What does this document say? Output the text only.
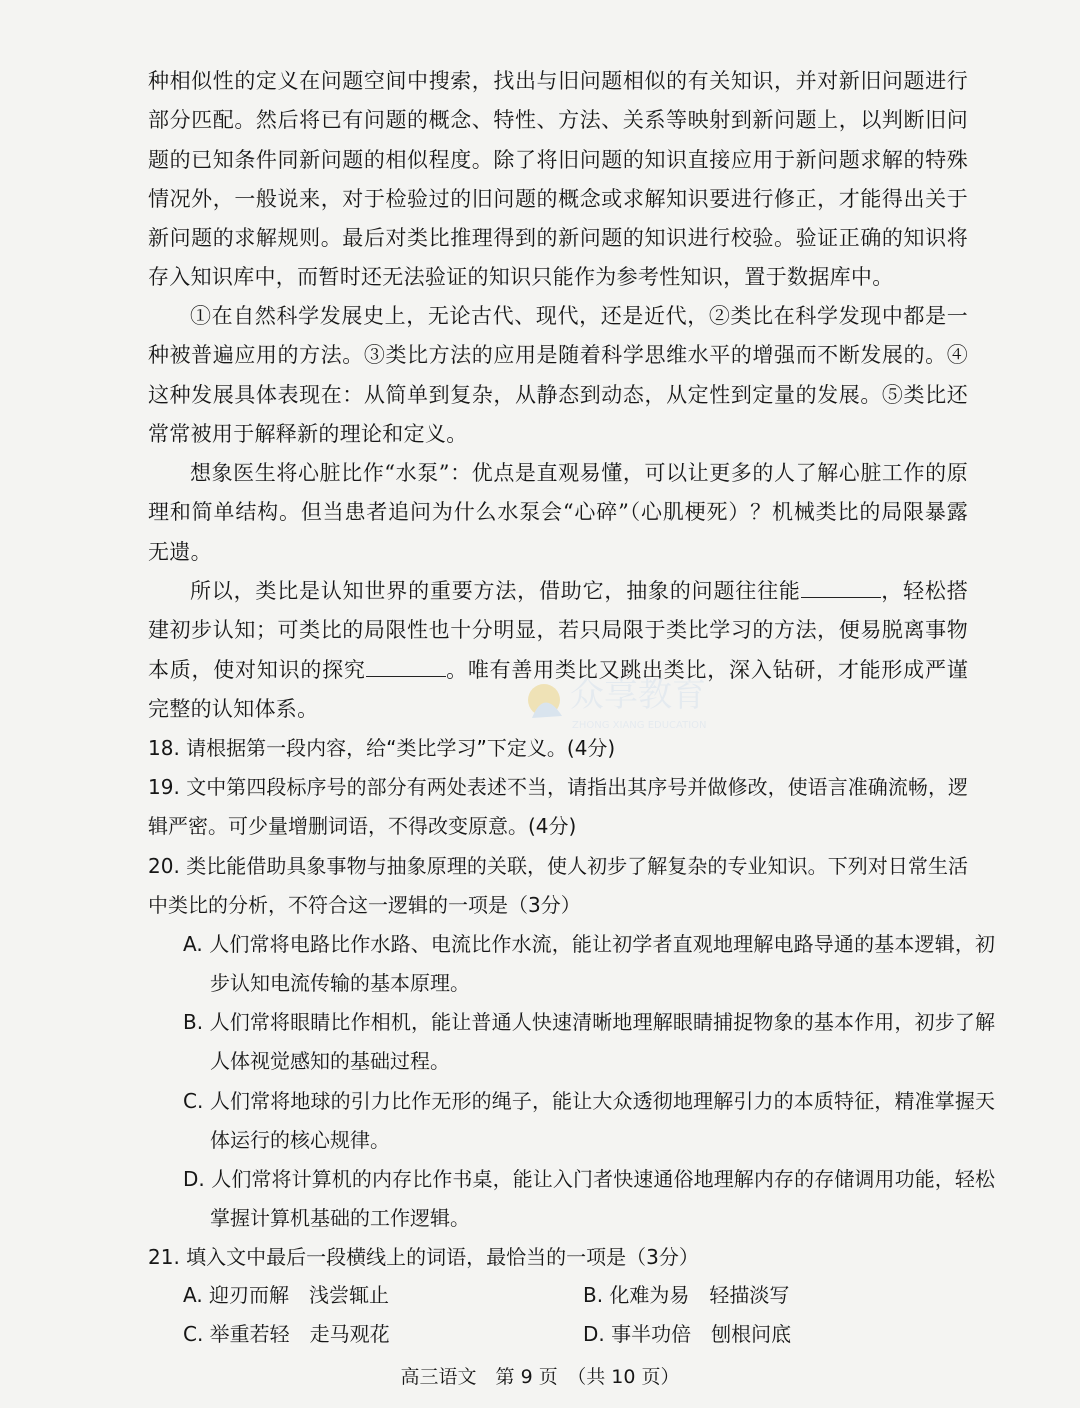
种相似性的定义在问题空间中搜索，找出与旧问题相似的有关知识，并对新旧问题进行部分匹配。然后将已有问题的概念、特性、方法、关系等映射到新问题上，以判断旧问题的已知条件同新问题的相似程度。除了将旧问题的知识直接应用于新问题求解的特殊情况外，一般说来，对于检验过的旧问题的概念或求解知识要进行修正，才能得出关于新问题的求解规则。最后对类比推理得到的新问题的知识进行校验。验证正确的知识将存入知识库中，而暂时还无法验证的知识只能作为参考性知识，置于数据库中。

①在自然科学发展史上，无论古代、现代，还是近代，②类比在科学发现中都是一种被普遍应用的方法。③类比方法的应用是随着科学思维水平的增强而不断发展的。④这种发展具体表现在：从简单到复杂，从静态到动态，从定性到定量的发展。⑤类比还常常被用于解释新的理论和定义。

想象医生将心脏比作“水泵”：优点是直观易懂，可以让更多的人了解心脏工作的原理和简单结构。但当患者追问为什么水泵会“心碎”（心肌梗死）？机械类比的局限暴露无遗。

所以，类比是认知世界的重要方法，借助它，抽象的问题往往能	，轻松搭建初步认知；可类比的局限性也十分明显，若只局限于类比学习的方法，便易脱离事物本质，使对知识的探究	。唯有善用类比又跳出类比，深入钻研，才能形成严谨完整的认知体系。	众享教育
ZHONG XIANG EDUCATION

18. 请根据第一段内容，给“类比学习”下定义。(4分)

19. 文中第四段标序号的部分有两处表述不当，请指出其序号并做修改，使语言准确流畅，逻辑严密。可少量增删词语，不得改变原意。(4分)

20. 类比能借助具象事物与抽象原理的关联，使人初步了解复杂的专业知识。下列对日常生活中类比的分析，不符合这一逻辑的一项是（3分）

A. 人们常将电路比作水路、电流比作水流，能让初学者直观地理解电路导通的基本逻辑，初步认知电流传输的基本原理。

B. 人们常将眼睛比作相机，能让普通人快速清晰地理解眼睛捕捉物象的基本作用，初步了解人体视觉感知的基础过程。

C. 人们常将地球的引力比作无形的绳子，能让大众透彻地理解引力的本质特征，精准掌握天体运行的核心规律。

D. 人们常将计算机的内存比作书桌，能让入门者快速通俗地理解内存的存储调用功能，轻松掌握计算机基础的工作逻辑。

21. 填入文中最后一段横线上的词语，最恰当的一项是（3分）

A. 迎刃而解　浅尝辄止	B. 化难为易　轻描淡写

C. 举重若轻　走马观花	D. 事半功倍　刨根问底

高三语文　第 9 页　（共 10 页）
